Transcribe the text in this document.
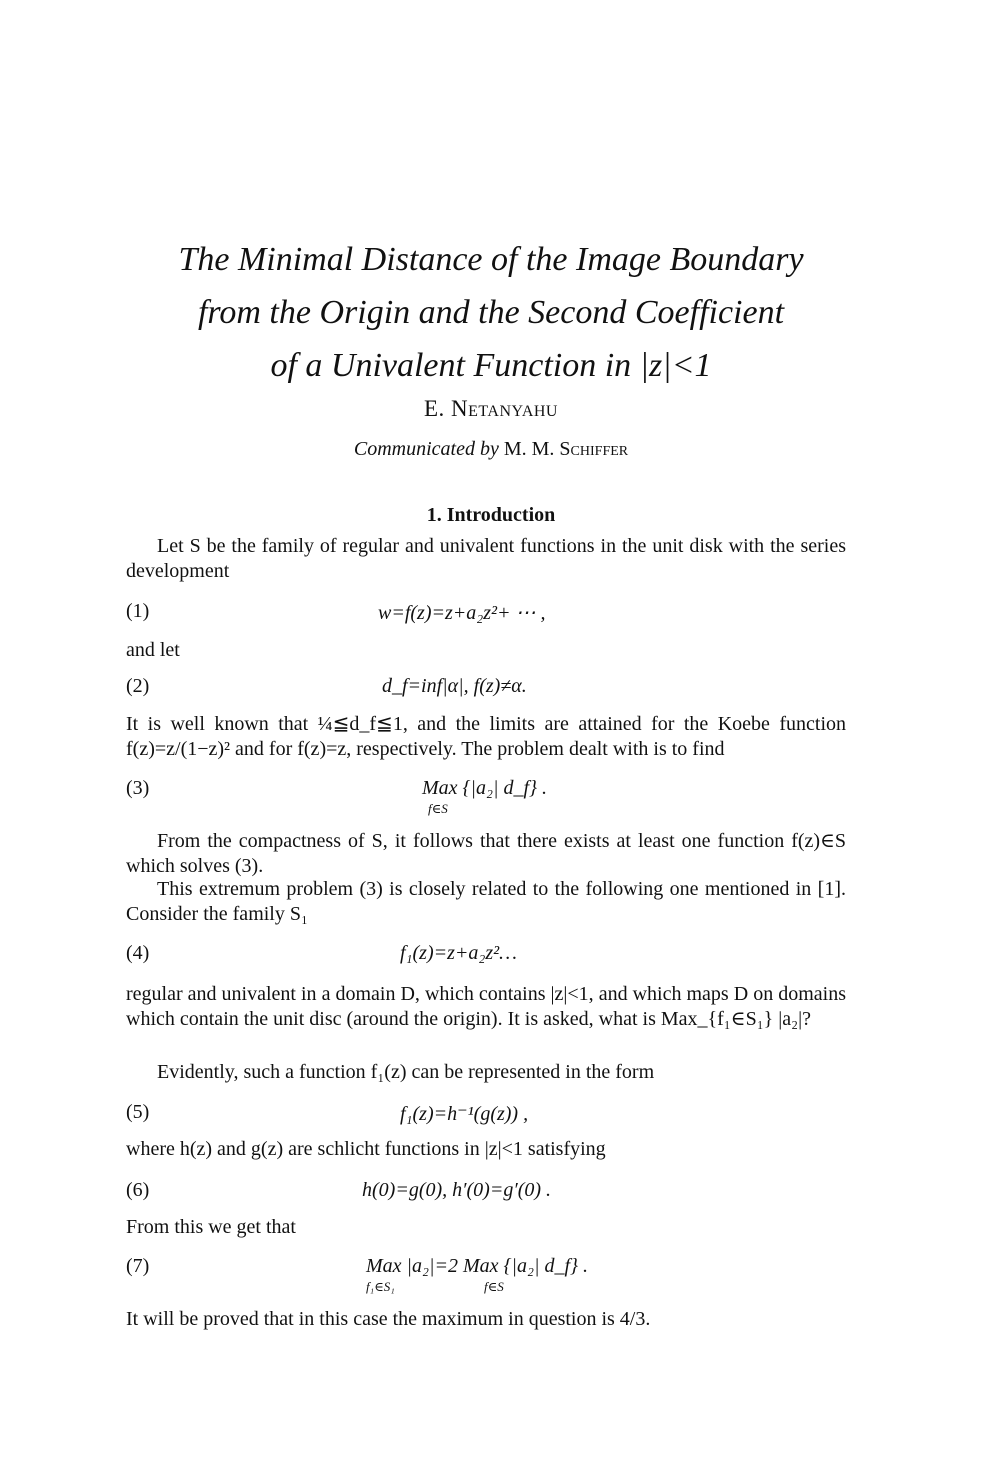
The Minimal Distance of the Image Boundary
from the Origin and the Second Coefficient
of a Univalent Function in |z|<1
E. Netanyahu
Communicated by M. M. Schiffer
1. Introduction
Let S be the family of regular and univalent functions in the unit disk with the series development
(1)	w=f(z)=z+a₂z²+ ⋯ ,
and let
(2)	d_f=inf|α|, f(z)≠α.
It is well known that ¼≦d_f≦1, and the limits are attained for the Koebe function f(z)=z/(1−z)² and for f(z)=z, respectively. The problem dealt with is to find
(3)	Max {|a₂| d_f} .
f∈S
From the compactness of S, it follows that there exists at least one function f(z)∈S which solves (3).
This extremum problem (3) is closely related to the following one mentioned in [1]. Consider the family S₁
(4)	f₁(z)=z+a₂z²…
regular and univalent in a domain D, which contains |z|<1, and which maps D on domains which contain the unit disc (around the origin). It is asked, what is Max_{f₁∈S₁} |a₂|?
Evidently, such a function f₁(z) can be represented in the form
(5)	f₁(z)=h⁻¹(g(z)) ,
where h(z) and g(z) are schlicht functions in |z|<1 satisfying
(6)	h(0)=g(0), h′(0)=g′(0) .
From this we get that
(7)	Max |a₂|=2 Max {|a₂| d_f} .
f₁∈S₁	f∈S
It will be proved that in this case the maximum in question is 4/3.
